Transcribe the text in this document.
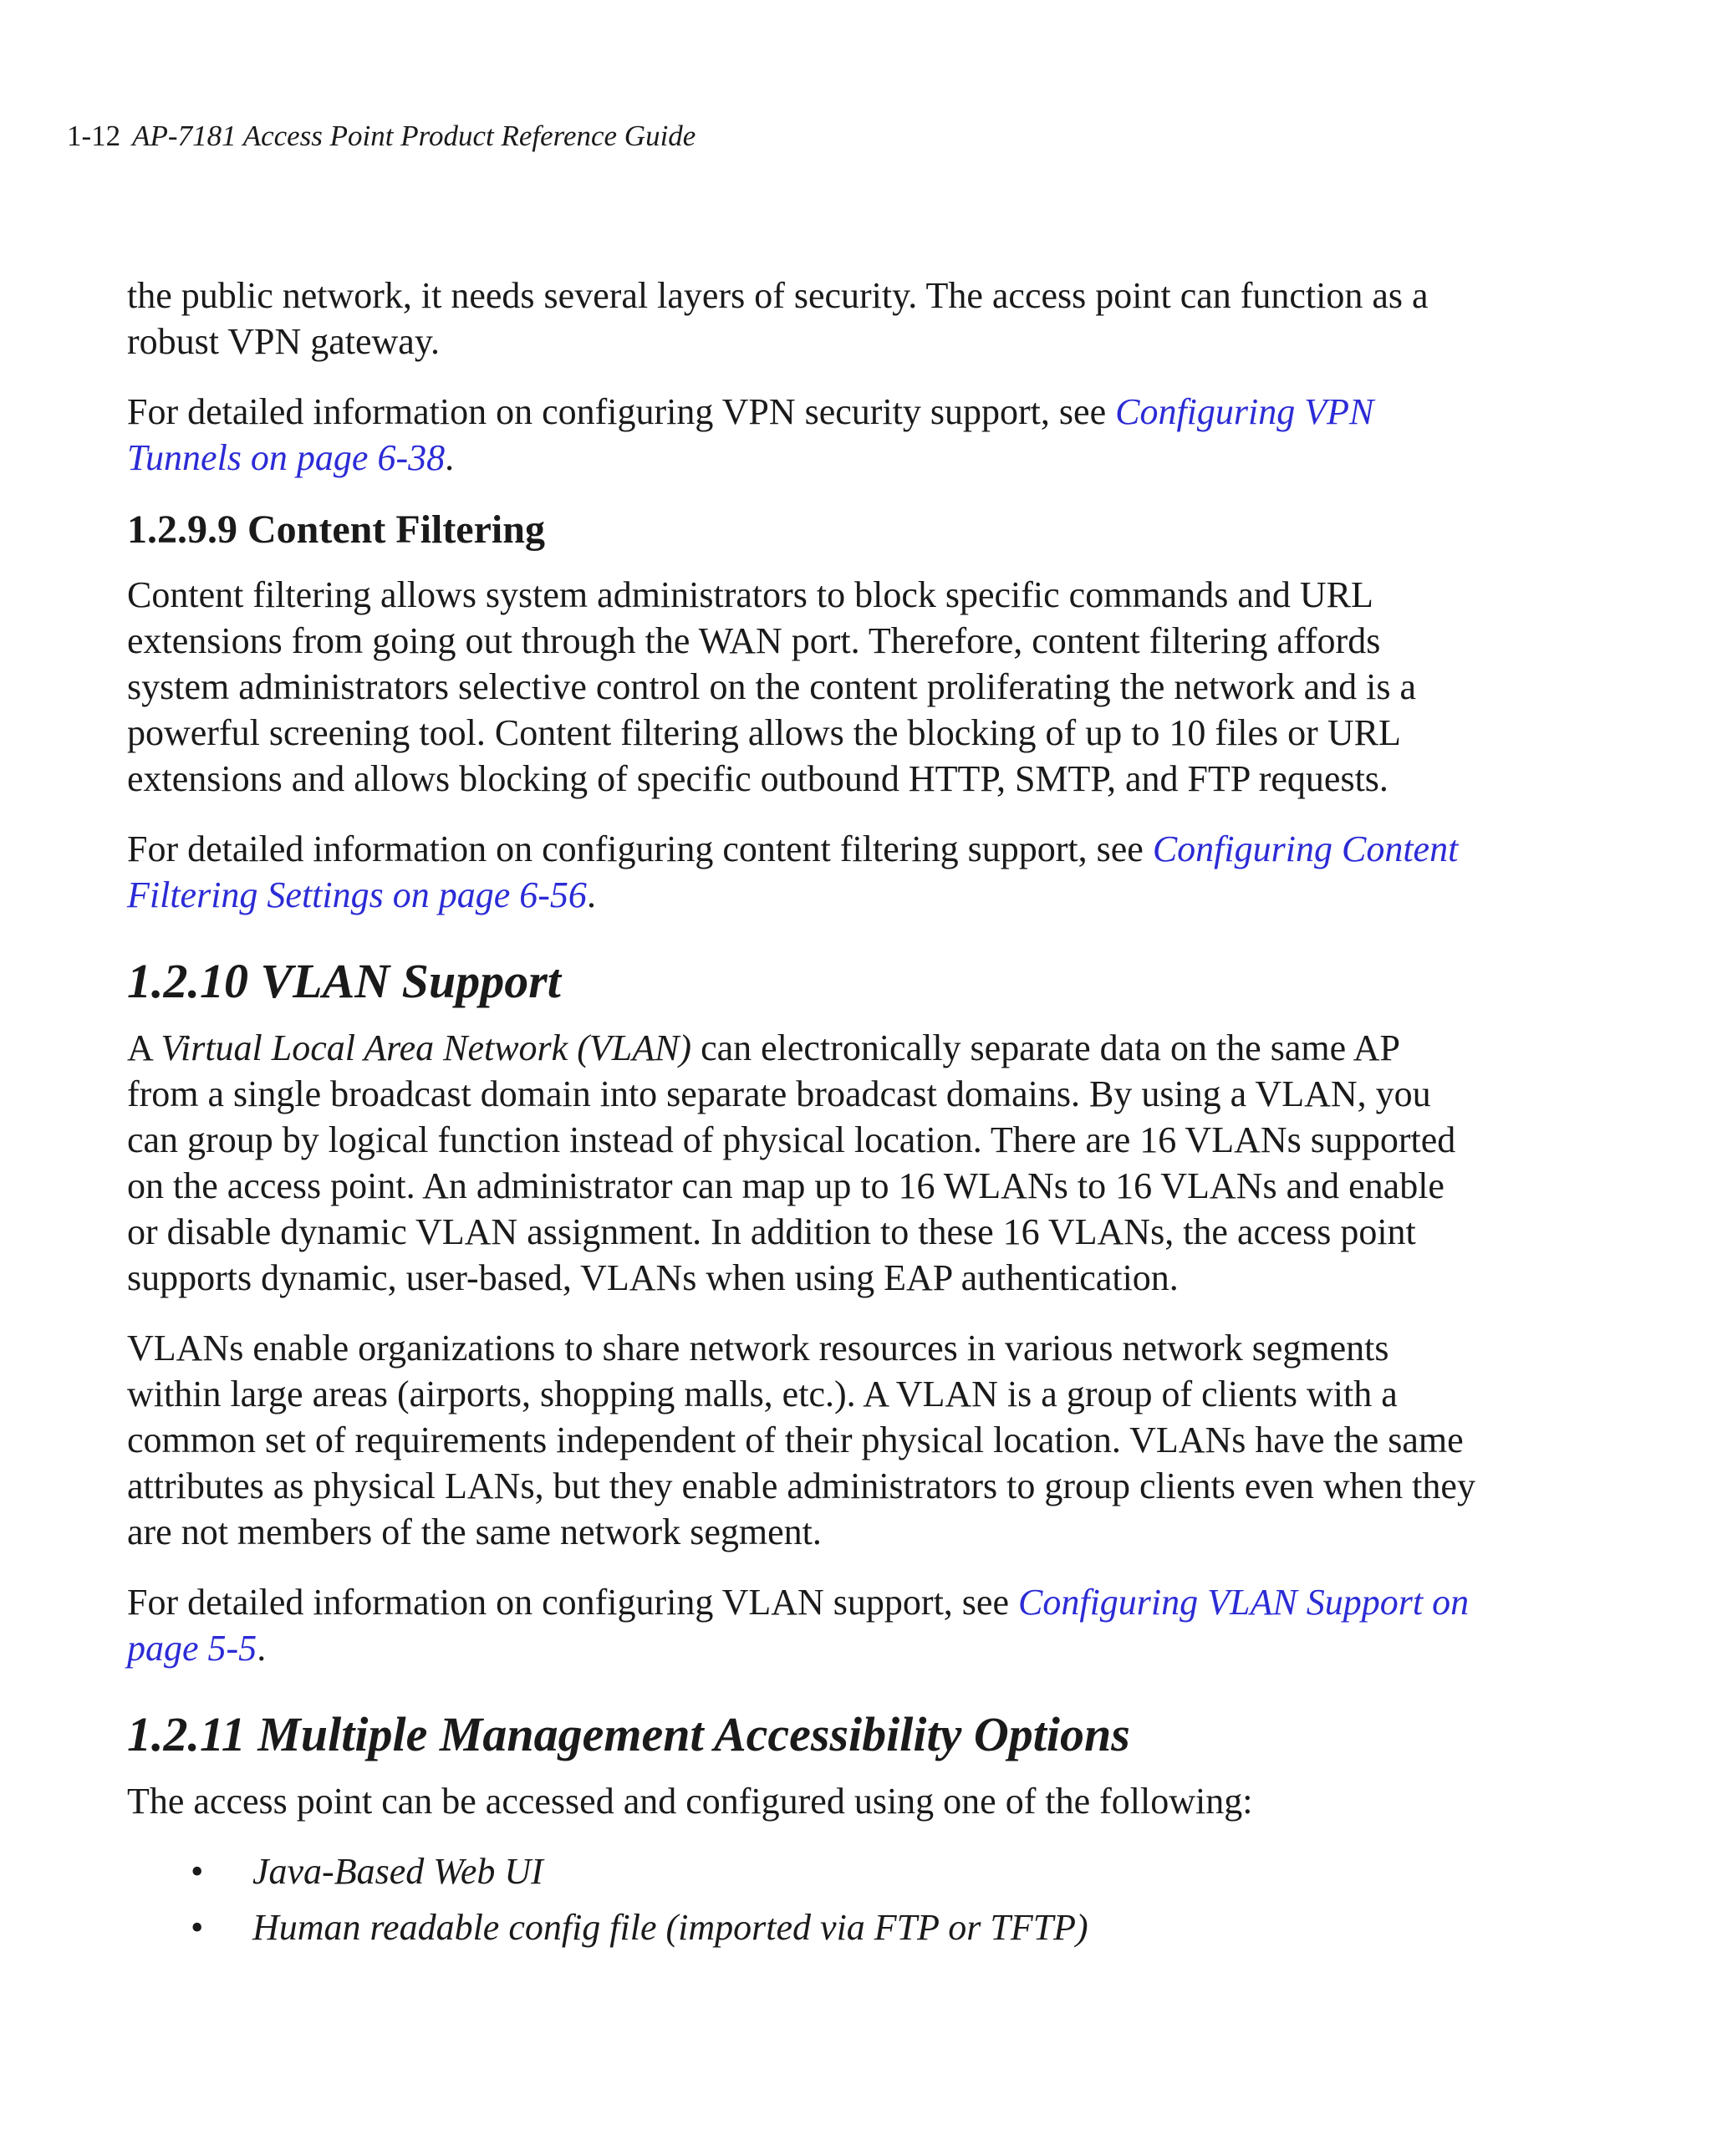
1-12 AP-7181 Access Point Product Reference Guide

the public network, it needs several layers of security. The access point can function as a
robust VPN gateway.

For detailed information on configuring VPN security support, see Configuring VPN
Tunnels on page 6-38.

1.2.9.9 Content Filtering

Content filtering allows system administrators to block specific commands and URL
extensions from going out through the WAN port. Therefore, content filtering affords
system administrators selective control on the content proliferating the network and is a
powerful screening tool. Content filtering allows the blocking of up to 10 files or URL
extensions and allows blocking of specific outbound HTTP, SMTP, and FTP requests.

For detailed information on configuring content filtering support, see Configuring Content
Filtering Settings on page 6-56.

1.2.10 VLAN Support

A Virtual Local Area Network (VLAN) can electronically separate data on the same AP
from a single broadcast domain into separate broadcast domains. By using a VLAN, you
can group by logical function instead of physical location. There are 16 VLANs supported
on the access point. An administrator can map up to 16 WLANs to 16 VLANs and enable
or disable dynamic VLAN assignment. In addition to these 16 VLANs, the access point
supports dynamic, user-based, VLANs when using EAP authentication.

VLANs enable organizations to share network resources in various network segments
within large areas (airports, shopping malls, etc.). A VLAN is a group of clients with a
common set of requirements independent of their physical location. VLANs have the same
attributes as physical LANs, but they enable administrators to group clients even when they
are not members of the same network segment.

For detailed information on configuring VLAN support, see Configuring VLAN Support on
page 5-5.

1.2.11 Multiple Management Accessibility Options

The access point can be accessed and configured using one of the following:

• Java-Based Web UI
• Human readable config file (imported via FTP or TFTP)
